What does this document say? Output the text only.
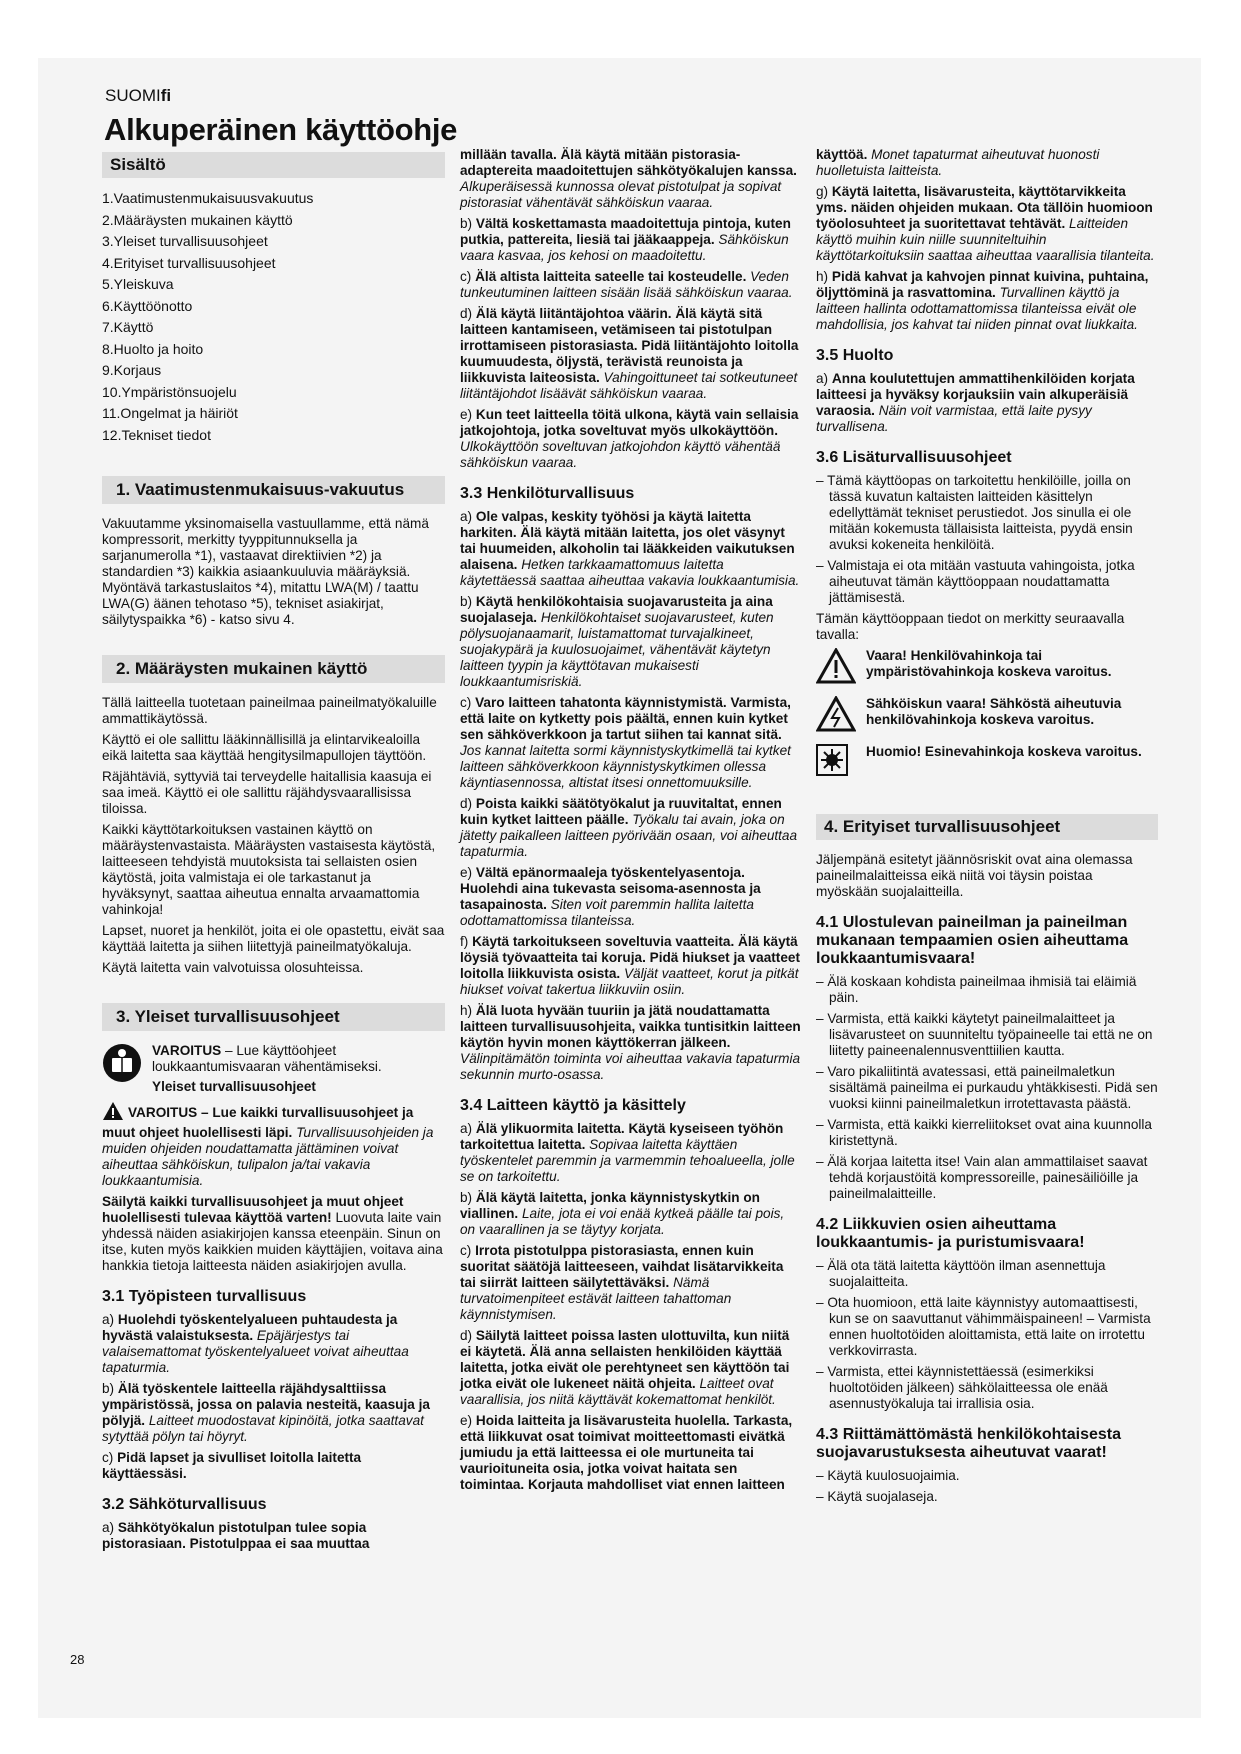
SUOMIfi
Alkuperäinen käyttöohje
Sisältö
1.Vaatimustenmukaisuusvakuutus
2.Määräysten mukainen käyttö
3.Yleiset turvallisuusohjeet
4.Erityiset turvallisuusohjeet
5.Yleiskuva
6.Käyttöönotto
7.Käyttö
8.Huolto ja hoito
9.Korjaus
10.Ympäristönsuojelu
11.Ongelmat ja häiriöt
12.Tekniset tiedot
1. Vaatimustenmukaisuus-vakuutus

Vakuutamme yksinomaisella vastuullamme, että nämä kompressorit, merkitty tyyppitunnuksella ja sarjanumerolla *1), vastaavat direktiivien *2) ja standardien *3) kaikkia asiaankuuluvia määräyksiä. Myöntävä tarkastuslaitos *4), mitattu LWA(M) / taattu LWA(G) äänen tehotaso *5), tekniset asiakirjat, säilytyspaikka *6) - katso sivu 4.

2. Määräysten mukainen käyttö

Tällä laitteella tuotetaan paineilmaa paineilmatyökaluille ammattikäytössä.

Käyttö ei ole sallittu lääkinnällisillä ja elintarvikealoilla eikä laitetta saa käyttää hengitysilmapullojen täyttöön.

Räjähtäviä, syttyviä tai terveydelle haitallisia kaasuja ei saa imeä. Käyttö ei ole sallittu räjähdysvaarallisissa tiloissa.

Kaikki käyttötarkoituksen vastainen käyttö on määräystenvastaista. Määräysten vastaisesta käytöstä, laitteeseen tehdyistä muutoksista tai sellaisten osien käytöstä, joita valmistaja ei ole tarkastanut ja hyväksynyt, saattaa aiheutua ennalta arvaamattomia vahinkoja!

Lapset, nuoret ja henkilöt, joita ei ole opastettu, eivät saa käyttää laitetta ja siihen liitettyjä paineilmatyökaluja.

Käytä laitetta vain valvotuissa olosuhteissa.

3. Yleiset turvallisuusohjeet
VAROITUS – Lue käyttöohjeet loukkaantumisvaaran vähentämiseksi.
Yleiset turvallisuusohjeet

VAROITUS – Lue kaikki turvallisuusohjeet ja muut ohjeet huolellisesti läpi. Turvallisuusohjeiden ja muiden ohjeiden noudattamatta jättäminen voivat aiheuttaa sähköiskun, tulipalon ja/tai vakavia loukkaantumisia.

Säilytä kaikki turvallisuusohjeet ja muut ohjeet huolellisesti tulevaa käyttöä varten! Luovuta laite vain yhdessä näiden asiakirjojen kanssa eteenpäin. Sinun on itse, kuten myös kaikkien muiden käyttäjien, voitava aina hankkia tietoja laitteesta näiden asiakirjojen avulla.

3.1 Työpisteen turvallisuus

a) Huolehdi työskentelyalueen puhtaudesta ja hyvästä valaistuksesta. Epäjärjestys tai valaisemattomat työskentelyalueet voivat aiheuttaa tapaturmia.

b) Älä työskentele laitteella räjähdysalttiissa ympäristössä, jossa on palavia nesteitä, kaasuja ja pölyjä. Laitteet muodostavat kipinöitä, jotka saattavat sytyttää pölyn tai höyryt.

c) Pidä lapset ja sivulliset loitolla laitetta käyttäessäsi.

3.2 Sähköturvallisuus

a) Sähkötyökalun pistotulpan tulee sopia pistorasiaan. Pistotulppaa ei saa muuttaa

millään tavalla. Älä käytä mitään pistorasia-adaptereita maadoitettujen sähkötyökalujen kanssa. Alkuperäisessä kunnossa olevat pistotulpat ja sopivat pistorasiat vähentävät sähköiskun vaaraa.

b) Vältä koskettamasta maadoitettuja pintoja, kuten putkia, pattereita, liesiä tai jääkaappeja. Sähköiskun vaara kasvaa, jos kehosi on maadoitettu.

c) Älä altista laitteita sateelle tai kosteudelle. Veden tunkeutuminen laitteen sisään lisää sähköiskun vaaraa.

d) Älä käytä liitäntäjohtoa väärin. Älä käytä sitä laitteen kantamiseen, vetämiseen tai pistotulpan irrottamiseen pistorasiasta. Pidä liitäntäjohto loitolla kuumuudesta, öljystä, terävistä reunoista ja liikkuvista laiteosista. Vahingoittuneet tai sotkeutuneet liitäntäjohdot lisäävät sähköiskun vaaraa.

e) Kun teet laitteella töitä ulkona, käytä vain sellaisia jatkojohtoja, jotka soveltuvat myös ulkokäyttöön. Ulkokäyttöön soveltuvan jatkojohdon käyttö vähentää sähköiskun vaaraa.

3.3 Henkilöturvallisuus

a) Ole valpas, keskity työhösi ja käytä laitetta harkiten. Älä käytä mitään laitetta, jos olet väsynyt tai huumeiden, alkoholin tai lääkkeiden vaikutuksen alaisena. Hetken tarkkaamattomuus laitetta käytettäessä saattaa aiheuttaa vakavia loukkaantumisia.

b) Käytä henkilökohtaisia suojavarusteita ja aina suojalaseja. Henkilökohtaiset suojavarusteet, kuten pölysuojanaamarit, luistamattomat turvajalkineet, suojakypärä ja kuulosuojaimet, vähentävät käytetyn laitteen tyypin ja käyttötavan mukaisesti loukkaantumisriskiä.

c) Varo laitteen tahatonta käynnistymistä. Varmista, että laite on kytketty pois päältä, ennen kuin kytket sen sähköverkkoon ja tartut siihen tai kannat sitä. Jos kannat laitetta sormi käynnistyskytkimellä tai kytket laitteen sähköverkkoon käynnistyskytkimen ollessa käyntiasennossa, altistat itsesi onnettomuuksille.

d) Poista kaikki säätötyökalut ja ruuvitaltat, ennen kuin kytket laitteen päälle. Työkalu tai avain, joka on jätetty paikalleen laitteen pyörivään osaan, voi aiheuttaa tapaturmia.

e) Vältä epänormaaleja työskentelyasentoja. Huolehdi aina tukevasta seisoma-asennosta ja tasapainosta. Siten voit paremmin hallita laitetta odottamattomissa tilanteissa.

f) Käytä tarkoitukseen soveltuvia vaatteita. Älä käytä löysiä työvaatteita tai koruja. Pidä hiukset ja vaatteet loitolla liikkuvista osista. Väljät vaatteet, korut ja pitkät hiukset voivat takertua liikkuviin osiin.

h) Älä luota hyvään tuuriin ja jätä noudattamatta laitteen turvallisuusohjeita, vaikka tuntisitkin laitteen käytön hyvin monen käyttökerran jälkeen. Välinpitämätön toiminta voi aiheuttaa vakavia tapaturmia sekunnin murto-osassa.

3.4 Laitteen käyttö ja käsittely

a) Älä ylikuormita laitetta. Käytä kyseiseen työhön tarkoitettua laitetta. Sopivaa laitetta käyttäen työskentelet paremmin ja varmemmin tehoalueella, jolle se on tarkoitettu.

b) Älä käytä laitetta, jonka käynnistyskytkin on viallinen. Laite, jota ei voi enää kytkeä päälle tai pois, on vaarallinen ja se täytyy korjata.

c) Irrota pistotulppa pistorasiasta, ennen kuin suoritat säätöjä laitteeseen, vaihdat lisätarvikkeita tai siirrät laitteen säilytettäväksi. Nämä turvatoimenpiteet estävät laitteen tahattoman käynnistymisen.

d) Säilytä laitteet poissa lasten ulottuvilta, kun niitä ei käytetä. Älä anna sellaisten henkilöiden käyttää laitetta, jotka eivät ole perehtyneet sen käyttöön tai jotka eivät ole lukeneet näitä ohjeita. Laitteet ovat vaarallisia, jos niitä käyttävät kokemattomat henkilöt.

e) Hoida laitteita ja lisävarusteita huolella. Tarkasta, että liikkuvat osat toimivat moitteettomasti eivätkä jumiudu ja että laitteessa ei ole murtuneita tai vaurioituneita osia, jotka voivat haitata sen toimintaa. Korjauta mahdolliset viat ennen laitteen

käyttöä. Monet tapaturmat aiheutuvat huonosti huolletuista laitteista.

g) Käytä laitetta, lisävarusteita, käyttötarvikkeita yms. näiden ohjeiden mukaan. Ota tällöin huomioon työolosuhteet ja suoritettavat tehtävät. Laitteiden käyttö muihin kuin niille suunniteltuihin käyttötarkoituksiin saattaa aiheuttaa vaarallisia tilanteita.

h) Pidä kahvat ja kahvojen pinnat kuivina, puhtaina, öljyttöminä ja rasvattomina. Turvallinen käyttö ja laitteen hallinta odottamattomissa tilanteissa eivät ole mahdollisia, jos kahvat tai niiden pinnat ovat liukkaita.

3.5 Huolto

a) Anna koulutettujen ammattihenkilöiden korjata laitteesi ja hyväksy korjauksiin vain alkuperäisiä varaosia. Näin voit varmistaa, että laite pysyy turvallisena.

3.6 Lisäturvallisuusohjeet
– Tämä käyttöopas on tarkoitettu henkilöille, joilla on tässä kuvatun kaltaisten laitteiden käsittelyn edellyttämät tekniset perustiedot. Jos sinulla ei ole mitään kokemusta tällaisista laitteista, pyydä ensin avuksi kokeneita henkilöitä.
– Valmistaja ei ota mitään vastuuta vahingoista, jotka aiheutuvat tämän käyttöoppaan noudattamatta jättämisestä.

Tämän käyttöoppaan tiedot on merkitty seuraavalla tavalla:

Vaara! Henkilövahinkoja tai ympäristövahinkoja koskeva varoitus.
Sähköiskun vaara! Sähköstä aiheutuvia henkilövahinkoja koskeva varoitus.
Huomio! Esinevahinkoja koskeva varoitus.
4. Erityiset turvallisuusohjeet

Jäljempänä esitetyt jäännösriskit ovat aina olemassa paineilmalaitteissa eikä niitä voi täysin poistaa myöskään suojalaitteilla.

4.1 Ulostulevan paineilman ja paineilman mukanaan tempaamien osien aiheuttama loukkaantumisvaara!
– Älä koskaan kohdista paineilmaa ihmisiä tai eläimiä päin.
– Varmista, että kaikki käytetyt paineilmalaitteet ja lisävarusteet on suunniteltu työpaineelle tai että ne on liitetty paineenalennusventtiilien kautta.
– Varo pikaliitintä avatessasi, että paineilmaletkun sisältämä paineilma ei purkaudu yhtäkkisesti. Pidä sen vuoksi kiinni paineilmaletkun irrotettavasta päästä.
– Varmista, että kaikki kierreliitokset ovat aina kuunnolla kiristettynä.
– Älä korjaa laitetta itse! Vain alan ammattilaiset saavat tehdä korjaustöitä kompressoreille, painesäiliöille ja paineilmalaitteille.
4.2 Liikkuvien osien aiheuttama loukkaantumis- ja puristumisvaara!
– Älä ota tätä laitetta käyttöön ilman asennettuja suojalaitteita.
– Ota huomioon, että laite käynnistyy automaattisesti, kun se on saavuttanut vähimmäispaineen! – Varmista ennen huoltotöiden aloittamista, että laite on irrotettu verkkovirrasta.
– Varmista, ettei käynnistettäessä (esimerkiksi huoltotöiden jälkeen) sähkölaitteessa ole enää asennustyökaluja tai irrallisia osia.
4.3 Riittämättömästä henkilökohtaisesta suojavarustuksesta aiheutuvat vaarat!
– Käytä kuulosuojaimia.
– Käytä suojalaseja.
28
